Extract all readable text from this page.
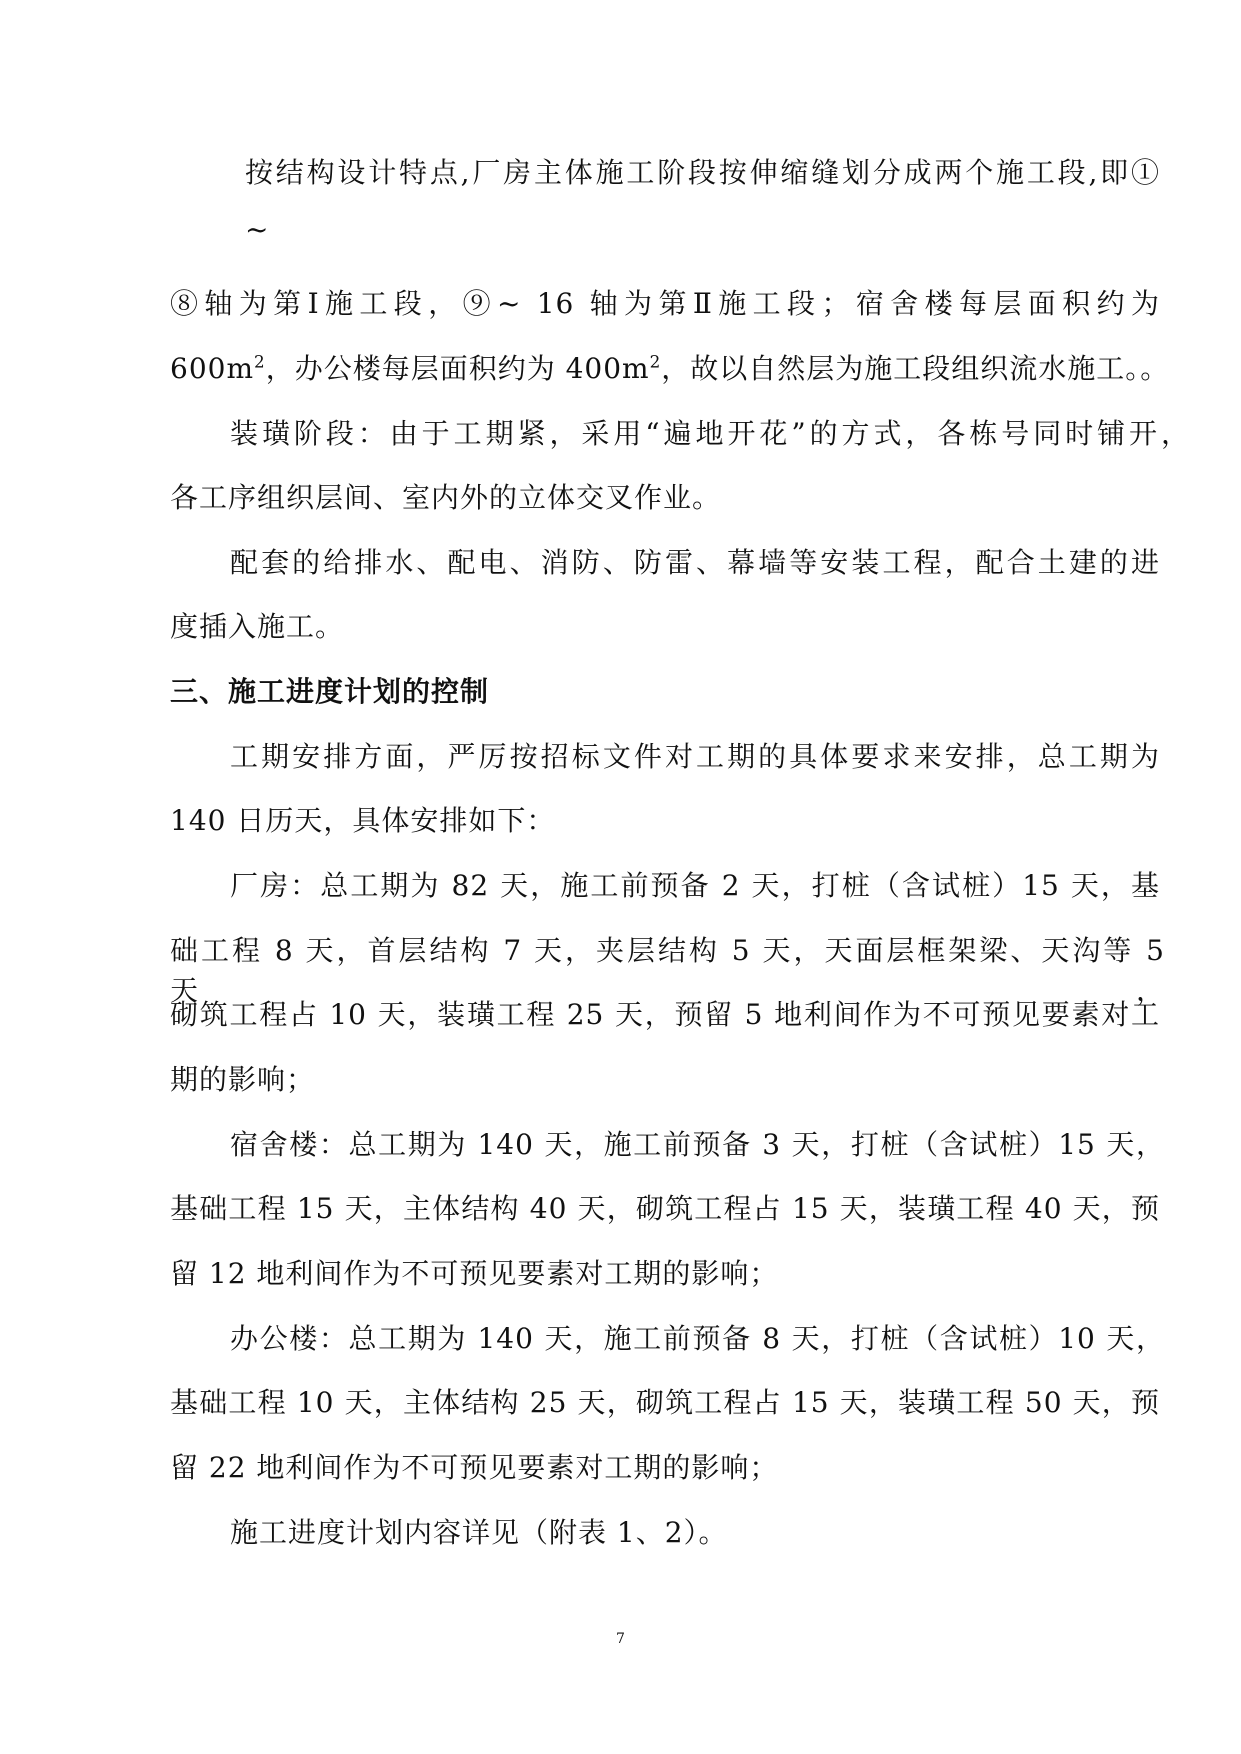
按结构设计特点,厂房主体施工阶段按伸缩缝划分成两个施工段,即①
~
⑧轴为第Ⅰ施工段，⑨~ 16 轴为第Ⅱ施工段；宿舍楼每层面积约为
$600m^2$，办公楼每层面积约为 $400m^2$，故以自然层为施工段组织流水施工。。
装璜阶段：由于工期紧，采用“遍地开花”的方式，各栋号同时铺开，
各工序组织层间、室内外的立体交叉作业。
配套的给排水、配电、消防、防雷、幕墙等安装工程，配合土建的进
度插入施工。
三、施工进度计划的控制
工期安排方面，严厉按招标文件对工期的具体要求来安排，总工期为
140 日历天，具体安排如下：
厂房：总工期为 82 天，施工前预备 2 天，打桩（含试桩）15 天，基
础工程 8 天，首层结构 7 天，夹层结构 5 天，天面层框架梁、天沟等 5 天，
砌筑工程占 10 天，装璜工程 25 天，预留 5 地利间作为不可预见要素对工
期的影响；
宿舍楼：总工期为 140 天，施工前预备 3 天，打桩（含试桩）15 天，
基础工程 15 天，主体结构 40 天，砌筑工程占 15 天，装璜工程 40 天，预
留 12 地利间作为不可预见要素对工期的影响；
办公楼：总工期为 140 天，施工前预备 8 天，打桩（含试桩）10 天，
基础工程 10 天，主体结构 25 天，砌筑工程占 15 天，装璜工程 50 天，预
留 22 地利间作为不可预见要素对工期的影响；
施工进度计划内容详见（附表 1、2）。
7
